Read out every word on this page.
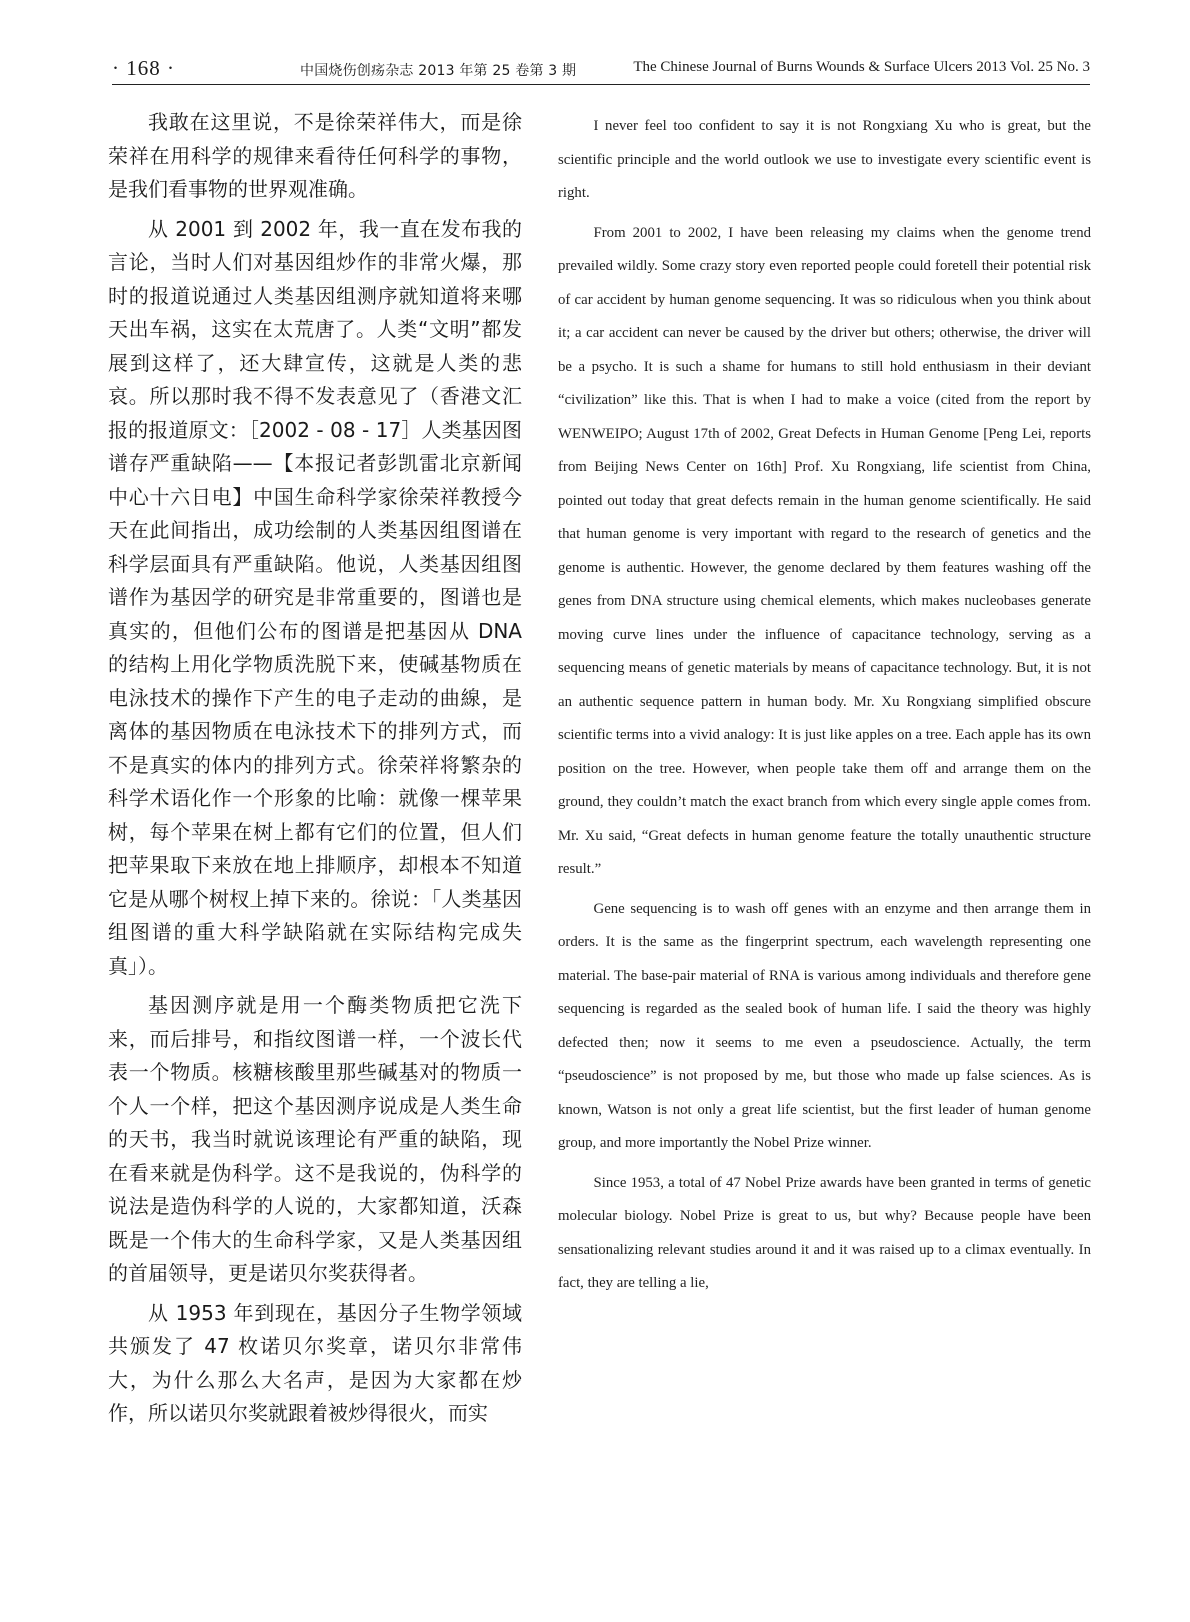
· 168 ·	中国烧伤创疡杂志 2013 年第 25 卷第 3 期	The Chinese Journal of Burns Wounds & Surface Ulcers 2013 Vol. 25 No. 3

我敢在这里说，不是徐荣祥伟大，而是徐荣祥在用科学的规律来看待任何科学的事物，是我们看事物的世界观准确。

从 2001 到 2002 年，我一直在发布我的言论，当时人们对基因组炒作的非常火爆，那时的报道说通过人类基因组测序就知道将来哪天出车祸，这实在太荒唐了。人类“文明”都发展到这样了，还大肆宣传，这就是人类的悲哀。所以那时我不得不发表意见了（香港文汇报的报道原文：［2002 - 08 - 17］人类基因图谱存严重缺陷——【本报记者彭凯雷北京新闻中心十六日电】中国生命科学家徐荣祥教授今天在此间指出，成功绘制的人类基因组图谱在科学层面具有严重缺陷。他说，人类基因组图谱作为基因学的研究是非常重要的，图谱也是真实的，但他们公布的图谱是把基因从 DNA 的结构上用化学物质洗脱下来，使碱基物质在电泳技术的操作下产生的电子走动的曲線，是离体的基因物质在电泳技术下的排列方式，而不是真实的体内的排列方式。徐荣祥将繁杂的科学术语化作一个形象的比喻：就像一棵苹果树，每个苹果在树上都有它们的位置，但人们把苹果取下来放在地上排顺序，却根本不知道它是从哪个树杈上掉下来的。徐说：「人类基因组图谱的重大科学缺陷就在实际结构完成失真」）。

基因测序就是用一个酶类物质把它洗下来，而后排号，和指纹图谱一样，一个波长代表一个物质。核糖核酸里那些碱基对的物质一个人一个样，把这个基因测序说成是人类生命的天书，我当时就说该理论有严重的缺陷，现在看来就是伪科学。这不是我说的，伪科学的说法是造伪科学的人说的，大家都知道，沃森既是一个伟大的生命科学家，又是人类基因组的首届领导，更是诺贝尔奖获得者。

从 1953 年到现在，基因分子生物学领域共颁发了 47 枚诺贝尔奖章，诺贝尔非常伟大，为什么那么大名声，是因为大家都在炒作，所以诺贝尔奖就跟着被炒得很火，而实

I never feel too confident to say it is not Rongxiang Xu who is great, but the scientific principle and the world outlook we use to investigate every scientific event is right.

From 2001 to 2002, I have been releasing my claims when the genome trend prevailed wildly. Some crazy story even reported people could foretell their potential risk of car accident by human genome sequencing. It was so ridiculous when you think about it; a car accident can never be caused by the driver but others; otherwise, the driver will be a psycho. It is such a shame for humans to still hold enthusiasm in their deviant “civilization” like this. That is when I had to make a voice (cited from the report by WENWEIPO; August 17th of 2002, Great Defects in Human Genome [Peng Lei, reports from Beijing News Center on 16th] Prof. Xu Rongxiang, life scientist from China, pointed out today that great defects remain in the human genome scientifically. He said that human genome is very important with regard to the research of genetics and the genome is authentic. However, the genome declared by them features washing off the genes from DNA structure using chemical elements, which makes nucleobases generate moving curve lines under the influence of capacitance technology, serving as a sequencing means of genetic materials by means of capacitance technology. But, it is not an authentic sequence pattern in human body. Mr. Xu Rongxiang simplified obscure scientific terms into a vivid analogy: It is just like apples on a tree. Each apple has its own position on the tree. However, when people take them off and arrange them on the ground, they couldn’t match the exact branch from which every single apple comes from. Mr. Xu said, “Great defects in human genome feature the totally unauthentic structure result.”

Gene sequencing is to wash off genes with an enzyme and then arrange them in orders. It is the same as the fingerprint spectrum, each wavelength representing one material. The base-pair material of RNA is various among individuals and therefore gene sequencing is regarded as the sealed book of human life. I said the theory was highly defected then; now it seems to me even a pseudoscience. Actually, the term “pseudoscience” is not proposed by me, but those who made up false sciences. As is known, Watson is not only a great life scientist, but the first leader of human genome group, and more importantly the Nobel Prize winner.

Since 1953, a total of 47 Nobel Prize awards have been granted in terms of genetic molecular biology. Nobel Prize is great to us, but why? Because people have been sensationalizing relevant studies around it and it was raised up to a climax eventually. In fact, they are telling a lie,
